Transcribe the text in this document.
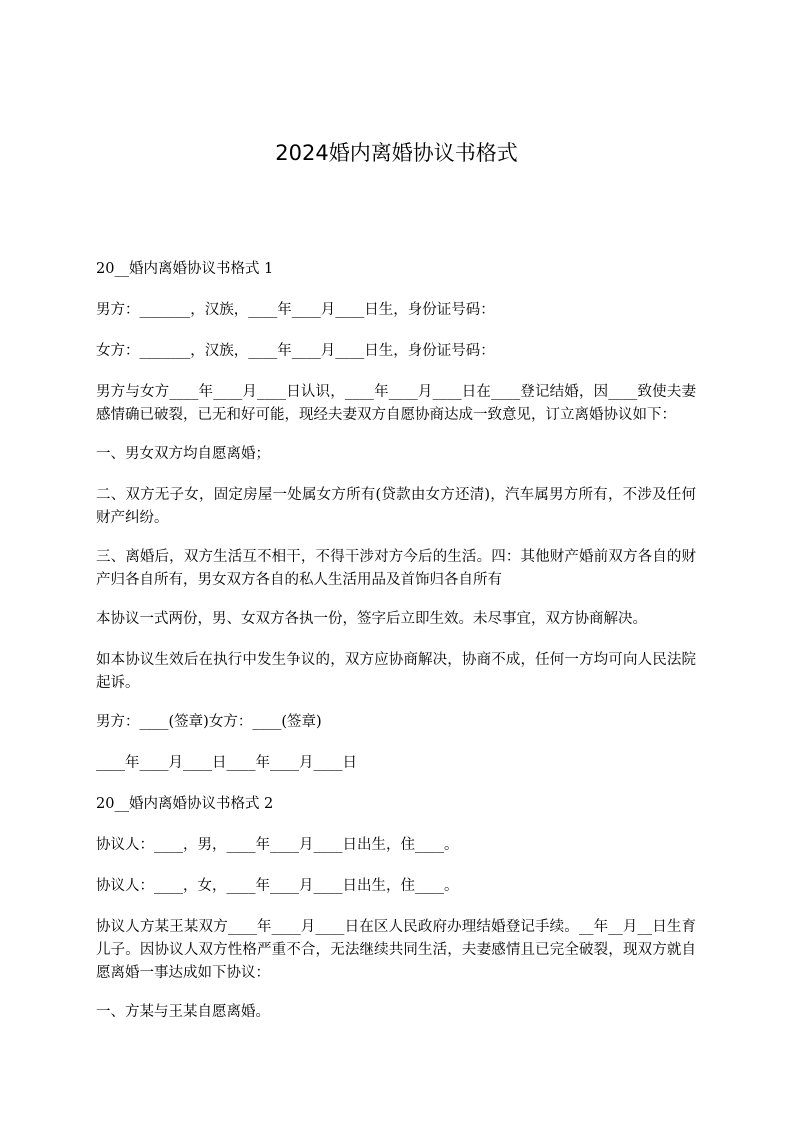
2024婚内离婚协议书格式

20__婚内离婚协议书格式 1

男方：_______，汉族，____年____月____日生，身份证号码：

女方：_______，汉族，____年____月____日生，身份证号码：

男方与女方____年____月____日认识，____年____月____日在____登记结婚，因____致使夫妻感情确已破裂，已无和好可能，现经夫妻双方自愿协商达成一致意见，订立离婚协议如下：

一、男女双方均自愿离婚；

二、双方无子女，固定房屋一处属女方所有(贷款由女方还清)，汽车属男方所有，不涉及任何财产纠纷。

三、离婚后，双方生活互不相干，不得干涉对方今后的生活。四：其他财产婚前双方各自的财产归各自所有，男女双方各自的私人生活用品及首饰归各自所有

本协议一式两份，男、女双方各执一份，签字后立即生效。未尽事宜，双方协商解决。

如本协议生效后在执行中发生争议的，双方应协商解决，协商不成，任何一方均可向人民法院起诉。

男方：____(签章)女方：____(签章)

____年____月____日____年____月____日

20__婚内离婚协议书格式 2

协议人：____，男，____年____月____日出生，住____。

协议人：____，女，____年____月____日出生，住____。

协议人方某王某双方____年____月____日在区人民政府办理结婚登记手续。__年__月__日生育儿子。因协议人双方性格严重不合，无法继续共同生活，夫妻感情且已完全破裂，现双方就自愿离婚一事达成如下协议：

一、方某与王某自愿离婚。
